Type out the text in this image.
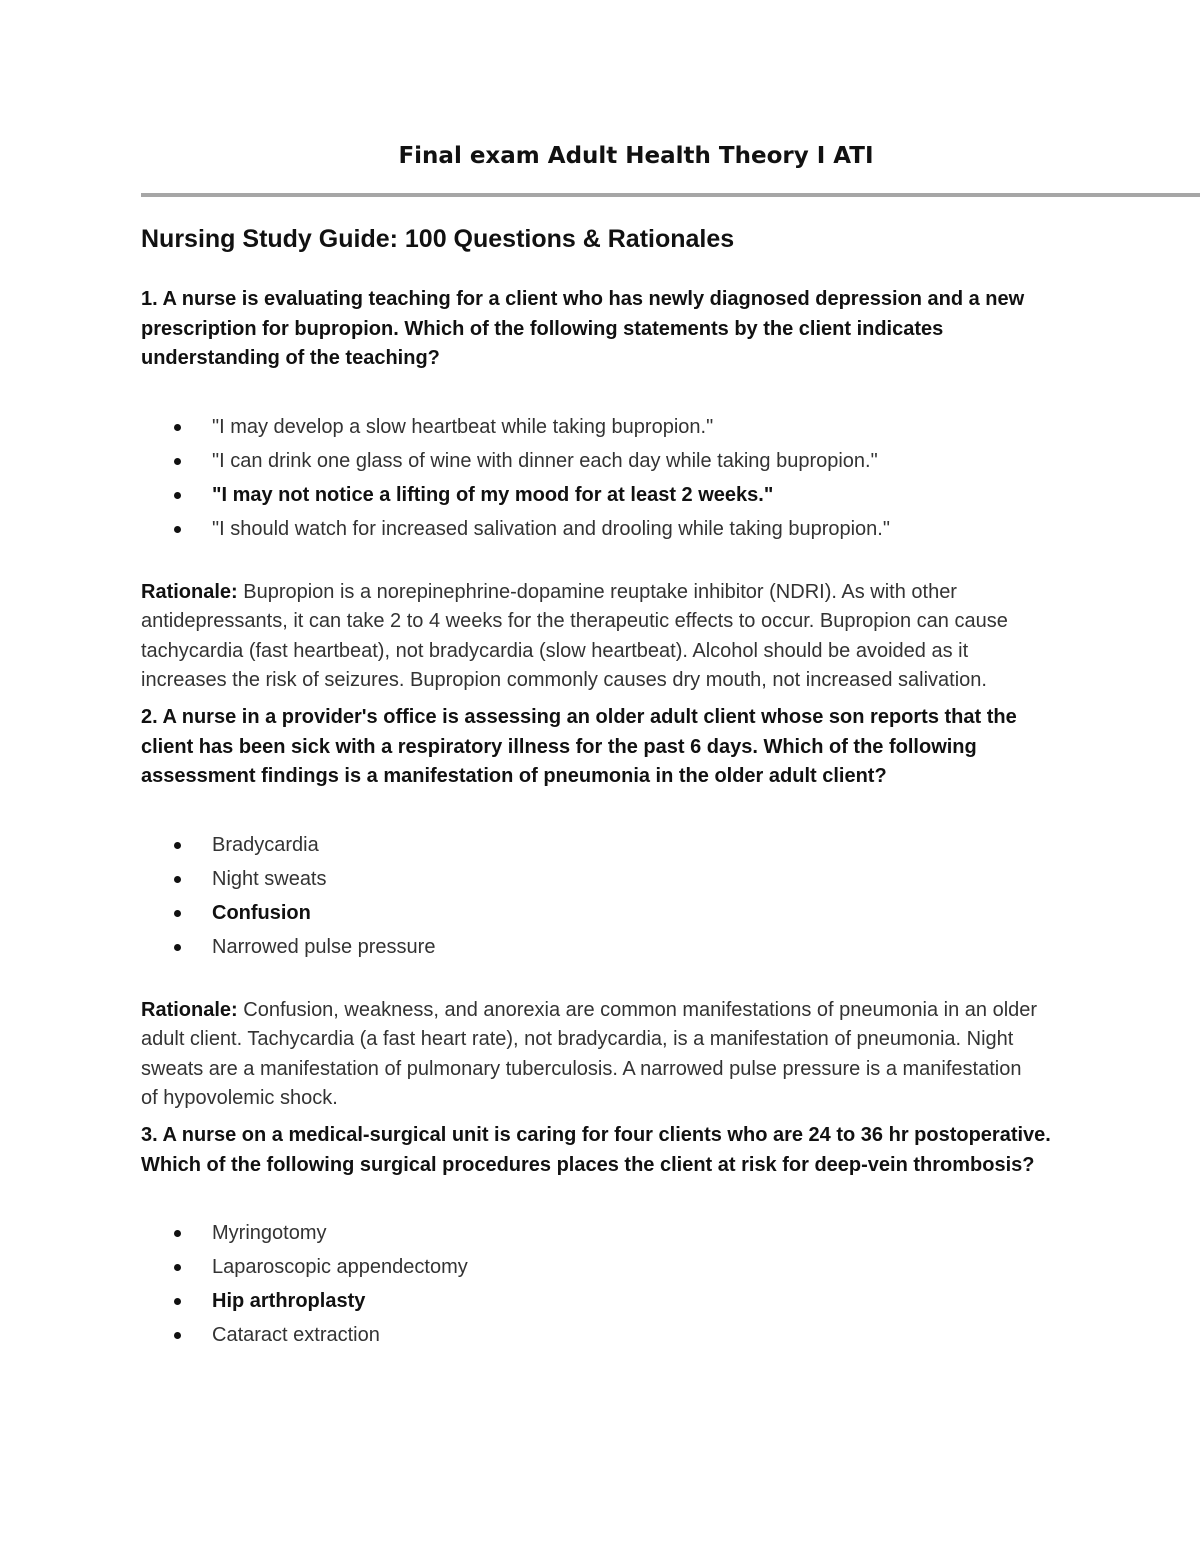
Final exam Adult Health Theory I ATI
Nursing Study Guide: 100 Questions & Rationales

1. A nurse is evaluating teaching for a client who has newly diagnosed depression and a new prescription for bupropion. Which of the following statements by the client indicates understanding of the teaching?

"I may develop a slow heartbeat while taking bupropion."
"I can drink one glass of wine with dinner each day while taking bupropion."
"I may not notice a lifting of my mood for at least 2 weeks."
"I should watch for increased salivation and drooling while taking bupropion."

Rationale: Bupropion is a norepinephrine-dopamine reuptake inhibitor (NDRI). As with other antidepressants, it can take 2 to 4 weeks for the therapeutic effects to occur. Bupropion can cause tachycardia (fast heartbeat), not bradycardia (slow heartbeat). Alcohol should be avoided as it increases the risk of seizures. Bupropion commonly causes dry mouth, not increased salivation.

2. A nurse in a provider's office is assessing an older adult client whose son reports that the client has been sick with a respiratory illness for the past 6 days. Which of the following assessment findings is a manifestation of pneumonia in the older adult client?

Bradycardia
Night sweats
Confusion
Narrowed pulse pressure

Rationale: Confusion, weakness, and anorexia are common manifestations of pneumonia in an older adult client. Tachycardia (a fast heart rate), not bradycardia, is a manifestation of pneumonia. Night sweats are a manifestation of pulmonary tuberculosis. A narrowed pulse pressure is a manifestation of hypovolemic shock.

3. A nurse on a medical-surgical unit is caring for four clients who are 24 to 36 hr postoperative. Which of the following surgical procedures places the client at risk for deep-vein thrombosis?

Myringotomy
Laparoscopic appendectomy
Hip arthroplasty
Cataract extraction
